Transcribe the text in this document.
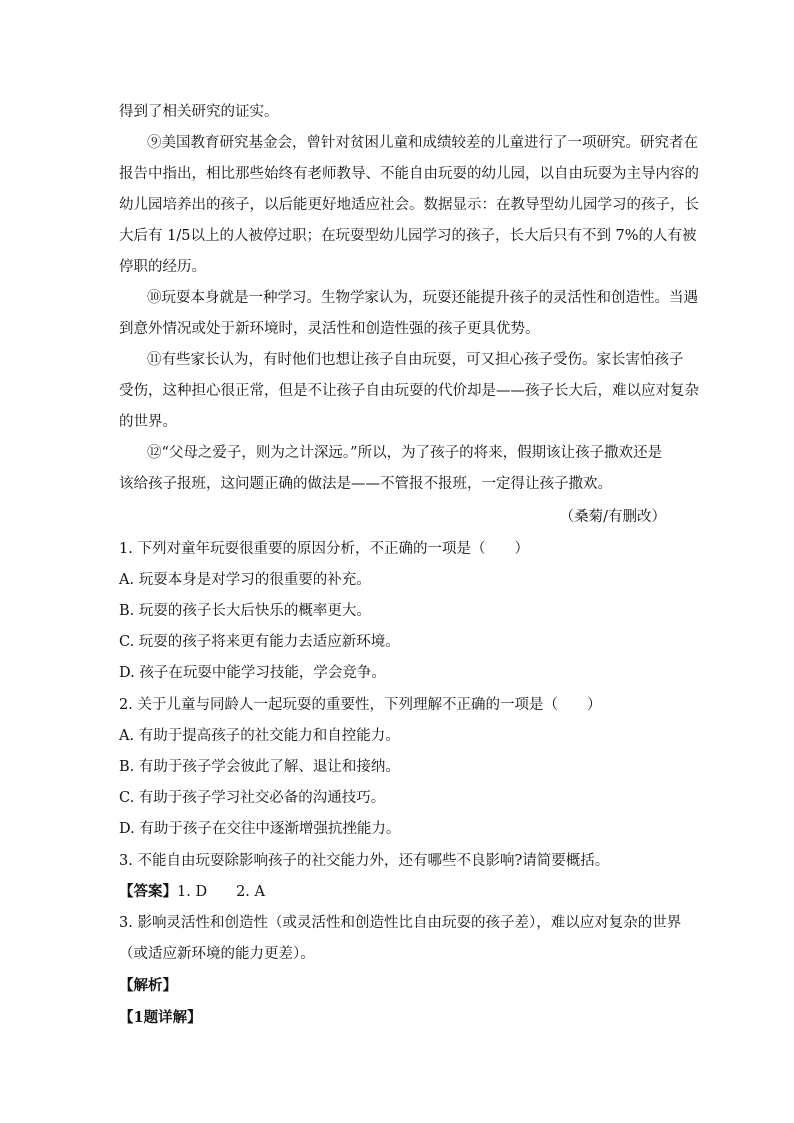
得到了相关研究的证实。
⑨美国教育研究基金会，曾针对贫困儿童和成绩较差的儿童进行了一项研究。研究者在
报告中指出，相比那些始终有老师教导、不能自由玩耍的幼儿园，以自由玩耍为主导内容的
幼儿园培养出的孩子，以后能更好地适应社会。数据显示：在教导型幼儿园学习的孩子，长
大后有 1/5以上的人被停过职；在玩耍型幼儿园学习的孩子，长大后只有不到 7%的人有被
停职的经历。
⑩玩耍本身就是一种学习。生物学家认为，玩耍还能提升孩子的灵活性和创造性。当遇
到意外情况或处于新环境时，灵活性和创造性强的孩子更具优势。
⑪有些家长认为，有时他们也想让孩子自由玩耍，可又担心孩子受伤。家长害怕孩子
受伤，这种担心很正常，但是不让孩子自由玩耍的代价却是——孩子长大后，难以应对复杂
的世界。
⑫“父母之爱子，则为之计深远。”所以，为了孩子的将来，假期该让孩子撒欢还是
该给孩子报班，这问题正确的做法是——不管报不报班，一定得让孩子撒欢。
（桑菊/有删改）
1. 下列对童年玩耍很重要的原因分析，不正确的一项是（　　）
A. 玩耍本身是对学习的很重要的补充。
B. 玩耍的孩子长大后快乐的概率更大。
C. 玩耍的孩子将来更有能力去适应新环境。
D. 孩子在玩耍中能学习技能，学会竞争。
2. 关于儿童与同龄人一起玩耍的重要性，下列理解不正确的一项是（　　）
A. 有助于提高孩子的社交能力和自控能力。
B. 有助于孩子学会彼此了解、退让和接纳。
C. 有助于孩子学习社交必备的沟通技巧。
D. 有助于孩子在交往中逐渐增强抗挫能力。
3. 不能自由玩耍除影响孩子的社交能力外，还有哪些不良影响?请简要概括。
【答案】1. D　　2. A
3. 影响灵活性和创造性（或灵活性和创造性比自由玩耍的孩子差），难以应对复杂的世界
（或适应新环境的能力更差）。
【解析】
【1题详解】
